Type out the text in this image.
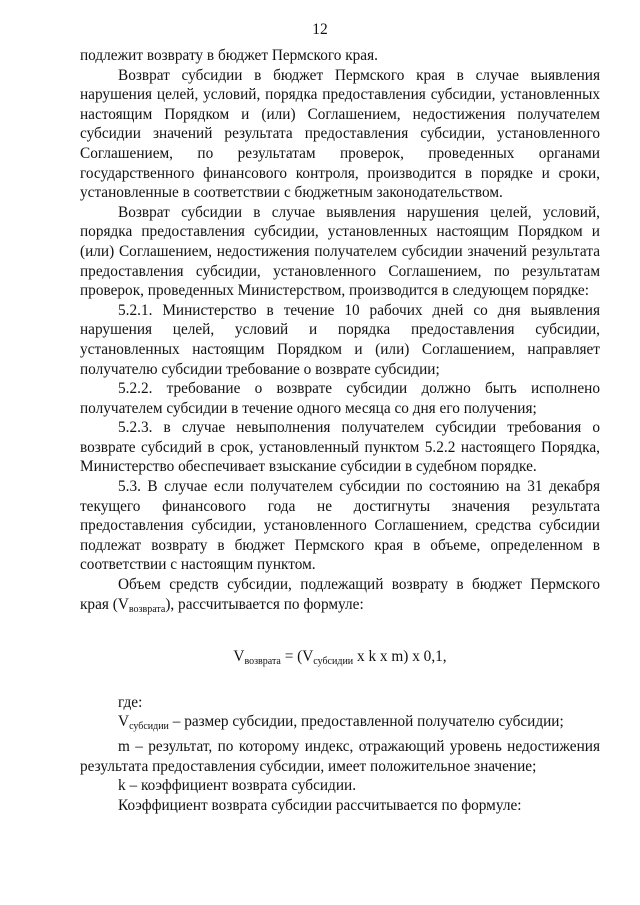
12

подлежит возврату в бюджет Пермского края.

Возврат субсидии в бюджет Пермского края в случае выявления нарушения целей, условий, порядка предоставления субсидии, установленных настоящим Порядком и (или) Соглашением, недостижения получателем субсидии значений результата предоставления субсидии, установленного Соглашением, по результатам проверок, проведенных органами государственного финансового контроля, производится в порядке и сроки, установленные в соответствии с бюджетным законодательством.

Возврат субсидии в случае выявления нарушения целей, условий, порядка предоставления субсидии, установленных настоящим Порядком и (или) Соглашением, недостижения получателем субсидии значений результата предоставления субсидии, установленного Соглашением, по результатам проверок, проведенных Министерством, производится в следующем порядке:

5.2.1. Министерство в течение 10 рабочих дней со дня выявления нарушения целей, условий и порядка предоставления субсидии, установленных настоящим Порядком и (или) Соглашением, направляет получателю субсидии требование о возврате субсидии;

5.2.2. требование о возврате субсидии должно быть исполнено получателем субсидии в течение одного месяца со дня его получения;

5.2.3. в случае невыполнения получателем субсидии требования о возврате субсидий в срок, установленный пунктом 5.2.2 настоящего Порядка, Министерство обеспечивает взыскание субсидии в судебном порядке.

5.3. В случае если получателем субсидии по состоянию на 31 декабря текущего финансового года не достигнуты значения результата предоставления субсидии, установленного Соглашением, средства субсидии подлежат возврату в бюджет Пермского края в объеме, определенном в соответствии с настоящим пунктом.

Объем средств субсидии, подлежащий возврату в бюджет Пермского края $(V_{возврата})$, рассчитывается по формуле:

$V_{возврата} = (V_{субсидии}$ x k x m) x 0,1,

где:

$V_{субсидии}$ – размер субсидии, предоставленной получателю субсидии;

m – результат, по которому индекс, отражающий уровень недостижения результата предоставления субсидии, имеет положительное значение;

k – коэффициент возврата субсидии.

Коэффициент возврата субсидии рассчитывается по формуле:
